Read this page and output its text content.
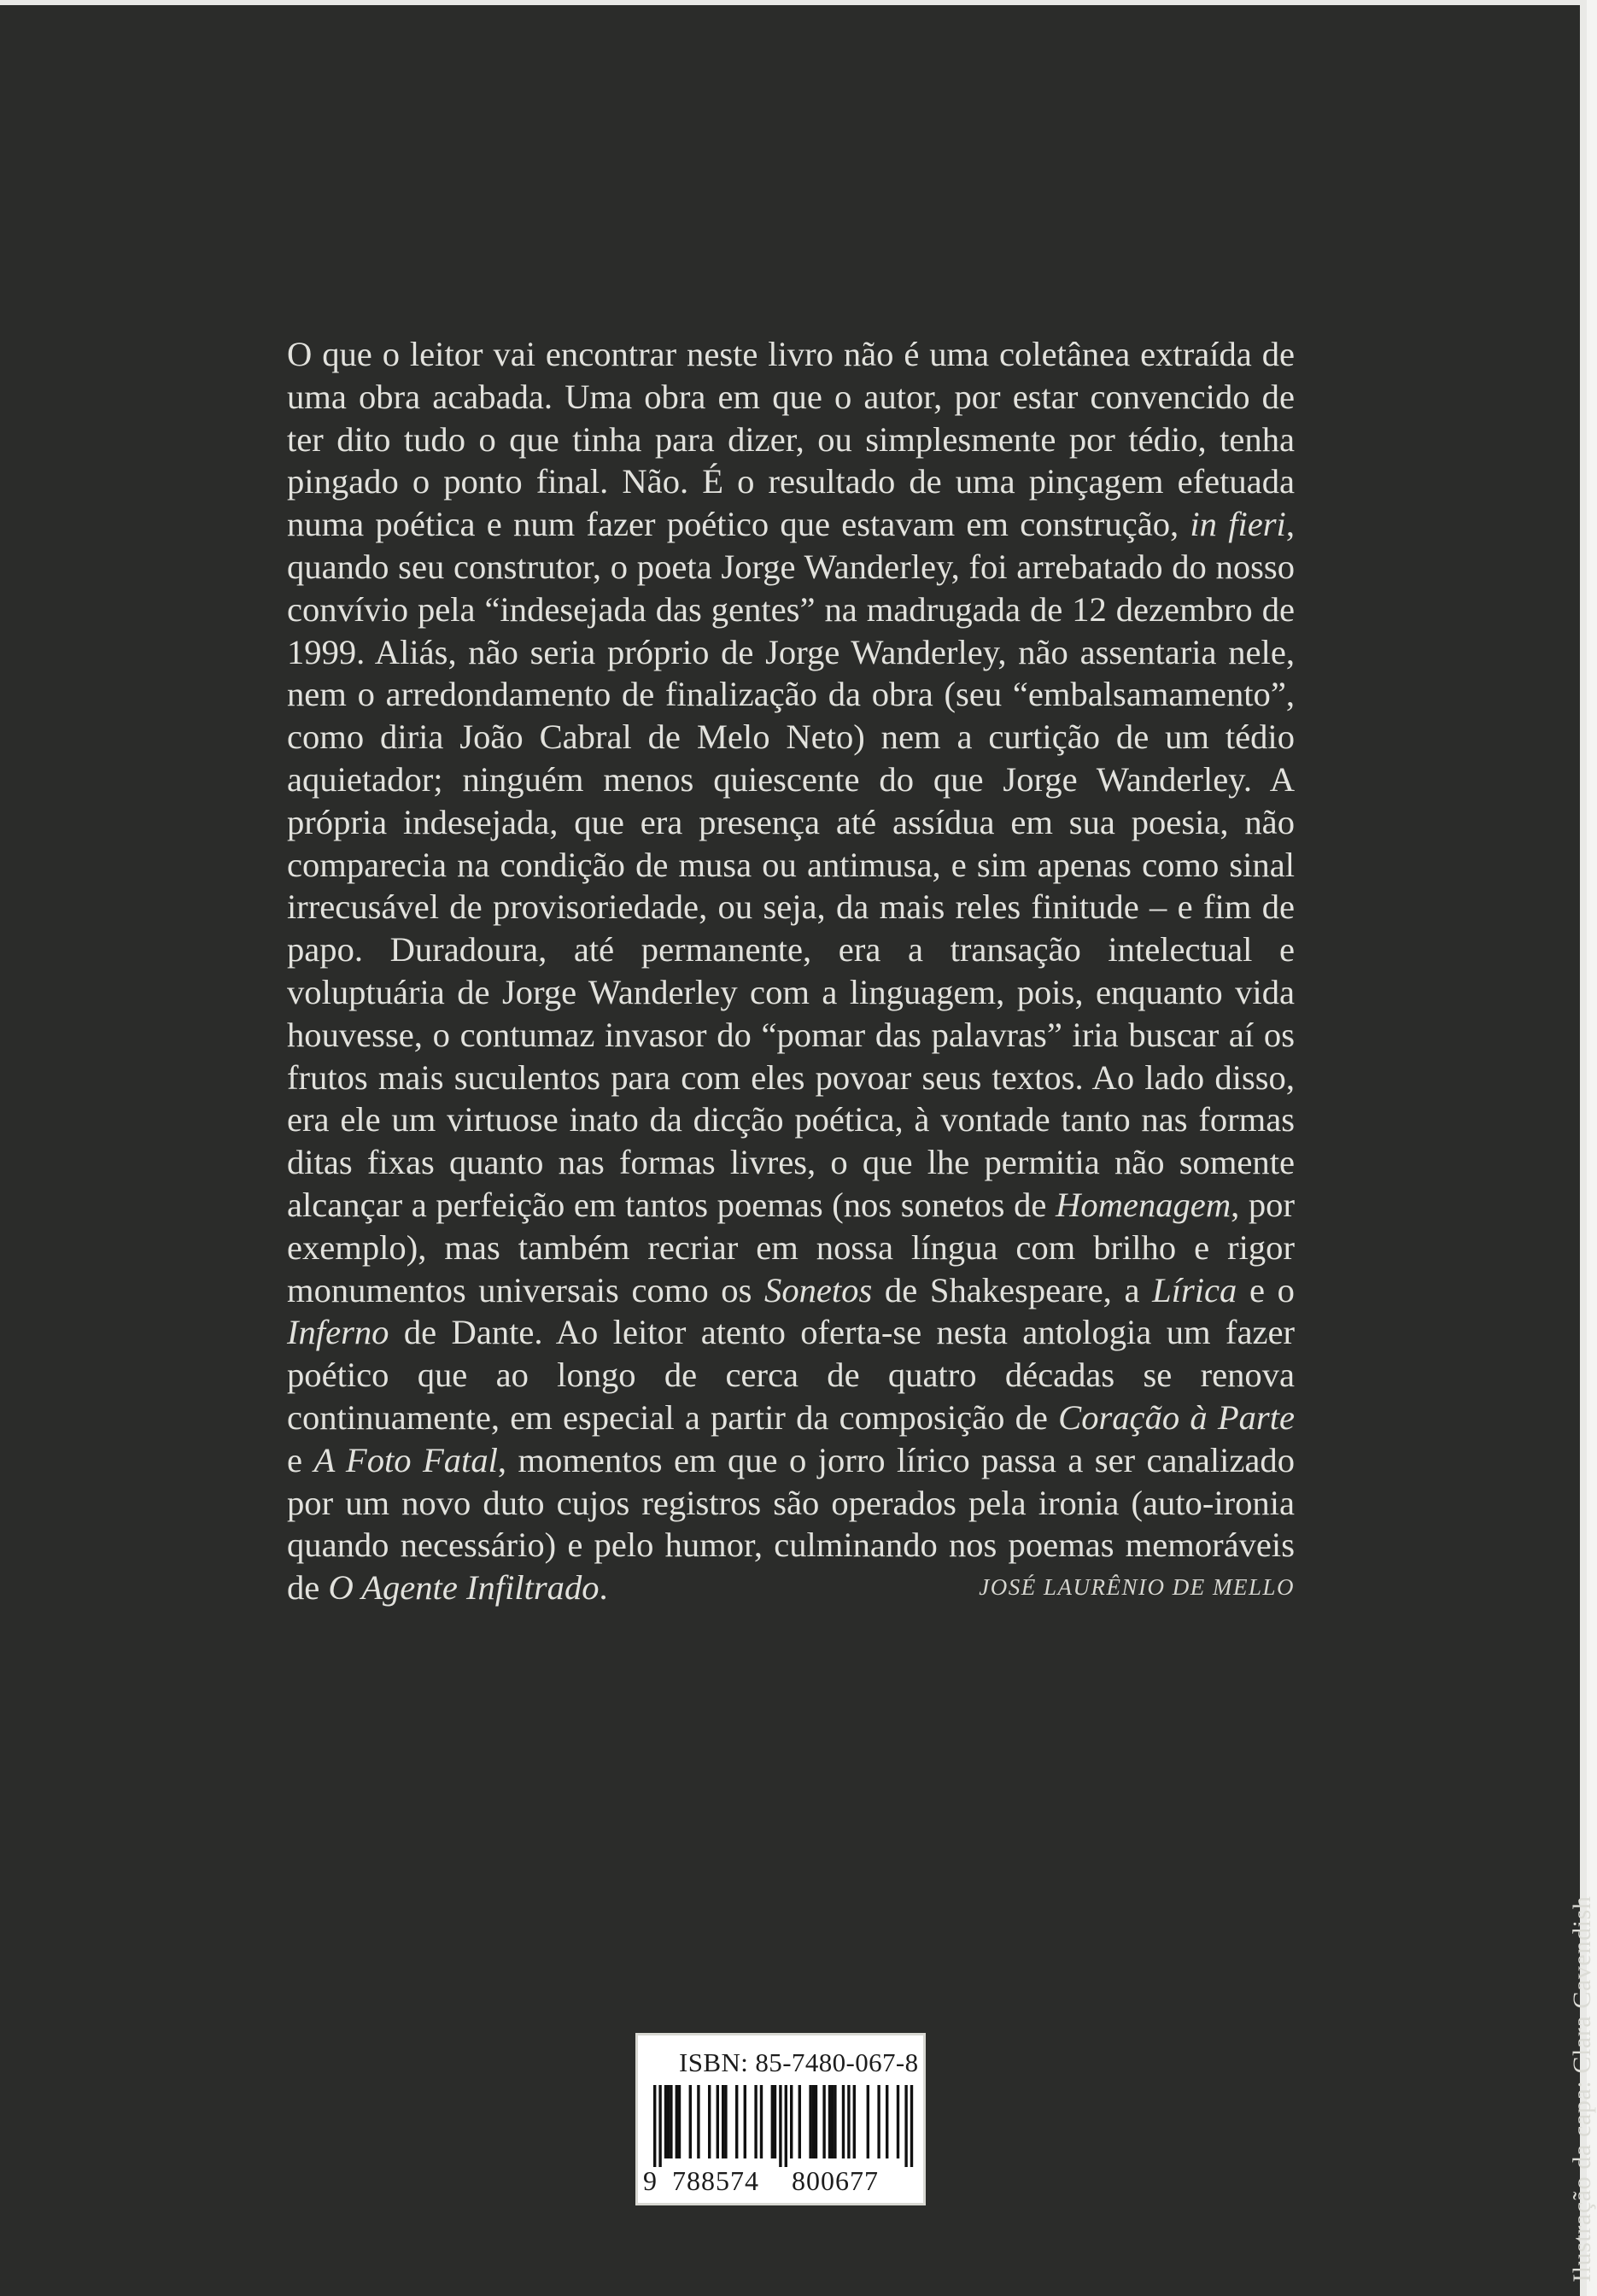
O que o leitor vai encontrar neste livro não é uma coletânea extraída de uma obra acabada. Uma obra em que o autor, por estar convencido de ter dito tudo o que tinha para dizer, ou simplesmente por tédio, tenha pingado o ponto final. Não. É o resultado de uma pinçagem efetuada numa poética e num fazer poético que estavam em construção, in fieri, quando seu construtor, o poeta Jorge Wanderley, foi arrebatado do nosso convívio pela “indesejada das gentes” na madrugada de 12 dezembro de 1999. Aliás, não seria próprio de Jorge Wanderley, não assentaria nele, nem o arredondamento de finalização da obra (seu “embalsamamento”, como diria João Cabral de Melo Neto) nem a curtição de um tédio aquietador; ninguém menos quiescente do que Jorge Wanderley. A própria indesejada, que era presença até assídua em sua poesia, não comparecia na condição de musa ou antimusa, e sim apenas como sinal irrecusável de provisoriedade, ou seja, da mais reles finitude – e fim de papo. Duradoura, até permanente, era a transação intelectual e voluptuária de Jorge Wanderley com a linguagem, pois, enquanto vida houvesse, o contumaz invasor do “pomar das palavras” iria buscar aí os frutos mais suculentos para com eles povoar seus textos. Ao lado disso, era ele um virtuose inato da dicção poética, à vontade tanto nas formas ditas fixas quanto nas formas livres, o que lhe permitia não somente alcançar a perfeição em tantos poemas (nos sonetos de Homenagem, por exemplo), mas também recriar em nossa língua com brilho e rigor monumentos universais como os Sonetos de Shakespeare, a Lírica e o Inferno de Dante. Ao leitor atento oferta-se nesta antologia um fazer poético que ao longo de cerca de quatro décadas se renova continuamente, em especial a partir da composição de Coração à Parte e A Foto Fatal, momentos em que o jorro lírico passa a ser canalizado por um novo duto cujos registros são operados pela ironia (auto-ironia quando necessário) e pelo humor, culminando nos poemas memoráveis de O Agente Infiltrado.	JOSÉ LAURÊNIO DE MELLO
Ilustração da capa: Clara Cavendish
ISBN: 85-7480-067-8
9 788574 800677
